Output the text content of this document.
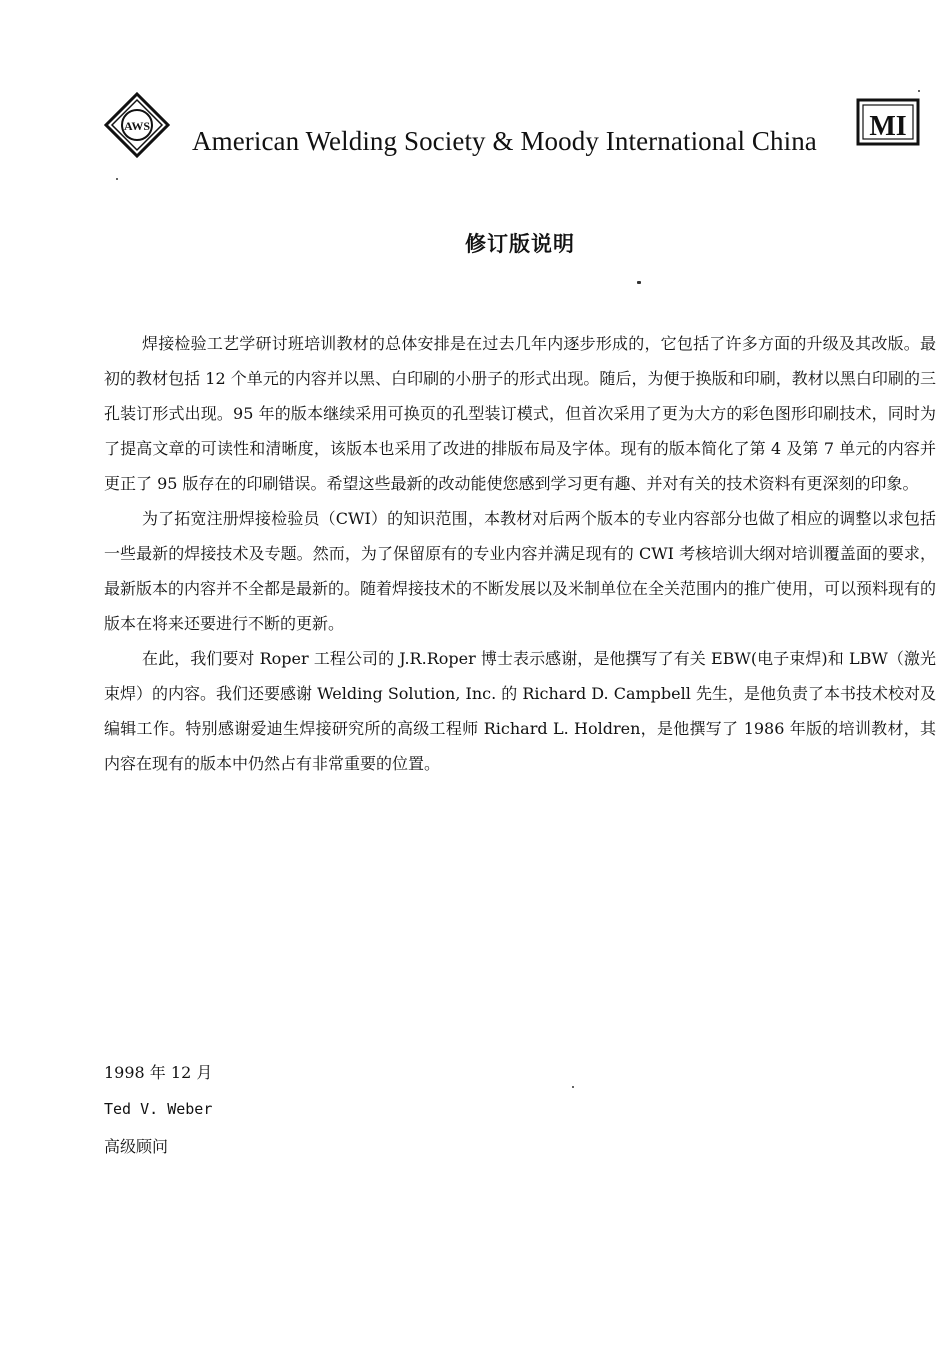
AWS American Welding Society & Moody International China MI
修订版说明

焊接检验工艺学研讨班培训教材的总体安排是在过去几年内逐步形成的，它包括了许多方面的升级及其改版。最初的教材包括 12 个单元的内容并以黑、白印刷的小册子的形式出现。随后，为便于换版和印刷，教材以黑白印刷的三孔装订形式出现。95 年的版本继续采用可换页的孔型装订模式，但首次采用了更为大方的彩色图形印刷技术，同时为了提高文章的可读性和清晰度，该版本也采用了改进的排版布局及字体。现有的版本简化了第 4 及第 7 单元的内容并更正了 95 版存在的印刷错误。希望这些最新的改动能使您感到学习更有趣、并对有关的技术资料有更深刻的印象。

为了拓宽注册焊接检验员（CWI）的知识范围，本教材对后两个版本的专业内容部分也做了相应的调整以求包括一些最新的焊接技术及专题。然而，为了保留原有的专业内容并满足现有的 CWI 考核培训大纲对培训覆盖面的要求，最新版本的内容并不全都是最新的。随着焊接技术的不断发展以及米制单位在全关范围内的推广使用，可以预料现有的版本在将来还要进行不断的更新。

在此，我们要对 Roper 工程公司的 J.R.Roper 博士表示感谢，是他撰写了有关 EBW(电子束焊)和 LBW（激光束焊）的内容。我们还要感谢 Welding Solution, Inc. 的 Richard D. Campbell 先生，是他负责了本书技术校对及编辑工作。特别感谢爱迪生焊接研究所的高级工程师 Richard L. Holdren，是他撰写了 1986 年版的培训教材，其内容在现有的版本中仍然占有非常重要的位置。

1998 年 12 月
Ted V. Weber
高级顾问
